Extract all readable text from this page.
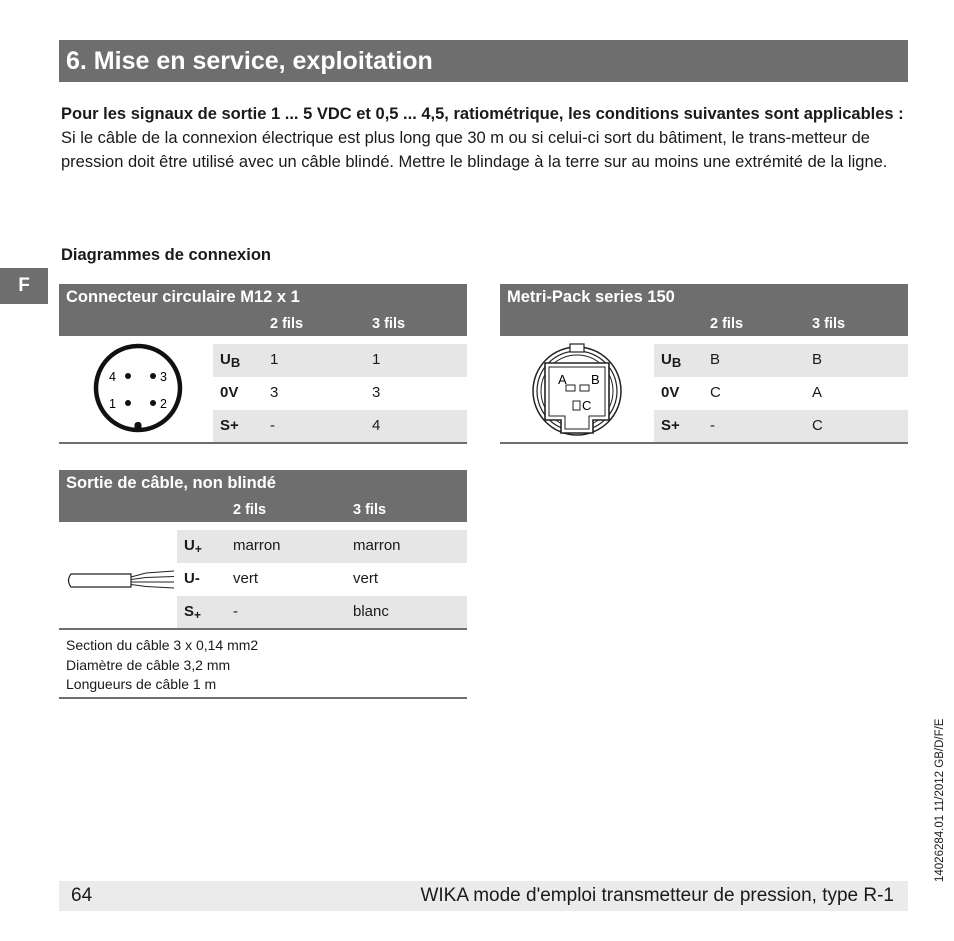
6. Mise en service, exploitation
Pour les signaux de sortie 1 ... 5 VDC et 0,5 ... 4,5, ratiométrique, les conditions suivantes sont applicables :
Si le câble de la connexion électrique est plus long que 30 m ou si celui-ci sort du bâtiment, le trans-metteur de pression doit être utilisé avec un câble blindé. Mettre le blindage à la terre sur au moins une extrémité de la ligne.
Diagrammes de connexion
F
Connecteur circulaire M12 x 1
2 fils	3 fils
$U_B$ 1	1
0V 3	3
S+ -	4
4	3
1	2
Metri-Pack series 150
2 fils	3 fils
$U_B$ B	B
0V C	A
S+ -	C
A B
C
Sortie de câble, non blindé
2 fils	3 fils
$U_+$ marron	marron
U- vert	vert
$S_+$ -	blanc
Section du câble 3 x 0,14 mm2
Diamètre de câble 3,2 mm
Longueurs de câble 1 m
64	WIKA mode d'emploi transmetteur de pression, type R-1
14026284.01 11/2012 GB/D/F/E
